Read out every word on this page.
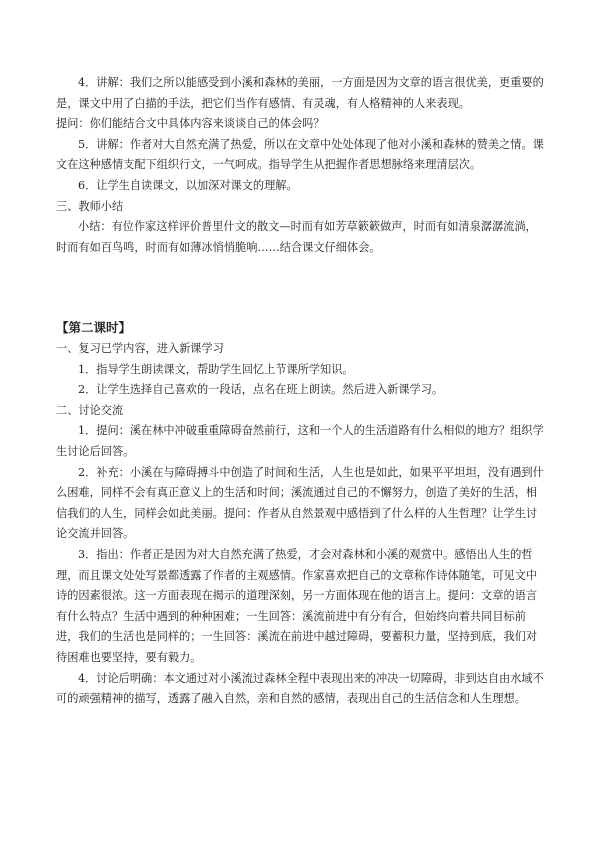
4．讲解：我们之所以能感受到小溪和森林的美丽，一方面是因为文章的语言很优美，更重要的是，课文中用了白描的手法，把它们当作有感情、有灵魂，有人格精神的人来表现。

提问：你们能结合文中具体内容来谈谈自己的体会吗？

5．讲解：作者对大自然充满了热爱，所以在文章中处处体现了他对小溪和森林的赞美之情。课文在这种感情支配下组织行文，一气呵成。指导学生从把握作者思想脉络来理清层次。

6．让学生自读课文，以加深对课文的理解。

三、教师小结

小结：有位作家这样评价普里什文的散文—时而有如芳草簌簌做声，时而有如清泉潺潺流淌，时而有如百鸟鸣，时而有如薄冰悄悄脆响……结合课文仔细体会。

【第二课时】

一、复习已学内容，进入新课学习

1．指导学生朗读课文，帮助学生回忆上节课所学知识。

2．让学生选择自己喜欢的一段话，点名在班上朗读。然后进入新课学习。

二、讨论交流

1．提问：溪在林中冲破重重障碍奋然前行，这和一个人的生活道路有什么相似的地方？组织学生讨论后回答。

2．补充：小溪在与障碍搏斗中创造了时间和生活，人生也是如此，如果平平坦坦，没有遇到什么困难，同样不会有真正意义上的生活和时间；溪流通过自己的不懈努力，创造了美好的生活，相信我们的人生，同样会如此美丽。提问：作者从自然景观中感悟到了什么样的人生哲理？让学生讨论交流并回答。

3．指出：作者正是因为对大自然充满了热爱，才会对森林和小溪的观赏中。感悟出人生的哲理，而且课文处处写景都透露了作者的主观感情。作家喜欢把自己的文章称作诗体随笔，可见文中诗的因素很浓。这一方面表现在揭示的道理深刻，另一方面体现在他的语言上。提问：文章的语言有什么特点？生活中遇到的种种困难；一生回答：溪流前进中有分有合，但始终向着共同目标前进，我们的生活也是同样的；一生回答：溪流在前进中越过障碍，要蓄积力量，坚持到底，我们对待困难也要坚持，要有毅力。

4．讨论后明确：本文通过对小溪流过森林全程中表现出来的冲决一切障碍，非到达自由水域不可的顽强精神的描写，透露了融入自然，亲和自然的感情，表现出自己的生活信念和人生理想。
